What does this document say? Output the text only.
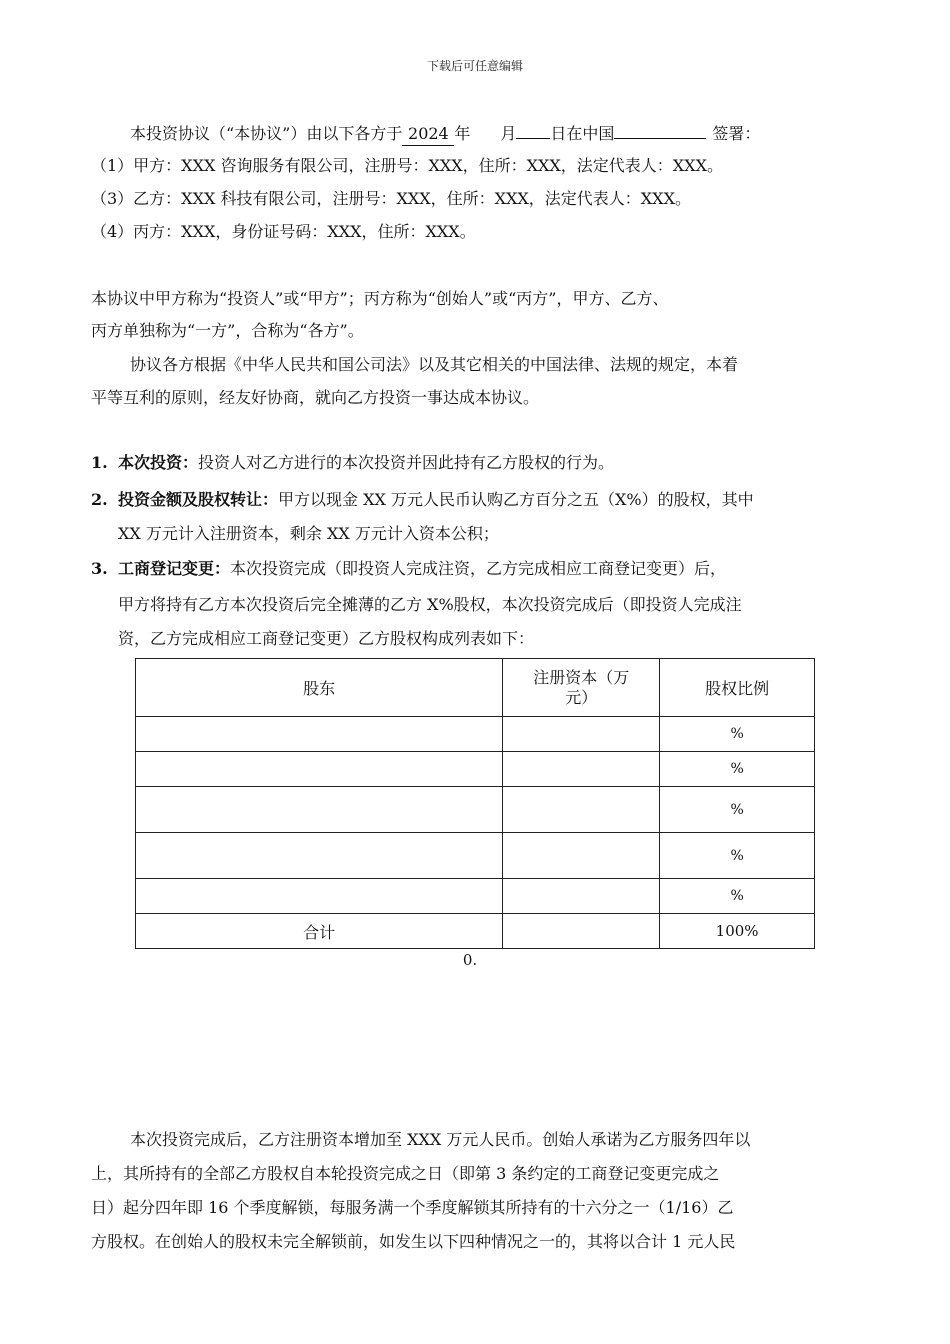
下载后可任意编辑
本投资协议（“本协议”）由以下各方于 2024 年 月 日在中国	签署：
（1）甲方：XXX 咨询服务有限公司，注册号：XXX，住所：XXX，法定代表人：XXX。
（3）乙方：XXX 科技有限公司，注册号：XXX，住所：XXX，法定代表人：XXX。
（4）丙方：XXX，身份证号码：XXX，住所：XXX。
本协议中甲方称为“投资人”或“甲方”；丙方称为“创始人”或“丙方”，甲方、乙方、
丙方单独称为“一方”，合称为“各方”。
协议各方根据《中华人民共和国公司法》以及其它相关的中国法律、法规的规定，本着
平等互利的原则，经友好协商，就向乙方投资一事达成本协议。
1. 本次投资：投资人对乙方进行的本次投资并因此持有乙方股权的行为。
2. 投资金额及股权转让：甲方以现金 XX 万元人民币认购乙方百分之五（X%）的股权，其中
XX 万元计入注册资本，剩余 XX 万元计入资本公积；
3. 工商登记变更：本次投资完成（即投资人完成注资，乙方完成相应工商登记变更）后，
甲方将持有乙方本次投资后完全摊薄的乙方 X%股权，本次投资完成后（即投资人完成注
资，乙方完成相应工商登记变更）乙方股权构成列表如下：
股东	注册资本（万元）	股权比例
		%
		%
		%
		%
		%
合计		100%
0.
本次投资完成后，乙方注册资本增加至 XXX 万元人民币。创始人承诺为乙方服务四年以
上，其所持有的全部乙方股权自本轮投资完成之日（即第 3 条约定的工商登记变更完成之
日）起分四年即 16 个季度解锁，每服务满一个季度解锁其所持有的十六分之一（1/16）乙
方股权。在创始人的股权未完全解锁前，如发生以下四种情况之一的，其将以合计 1 元人民
